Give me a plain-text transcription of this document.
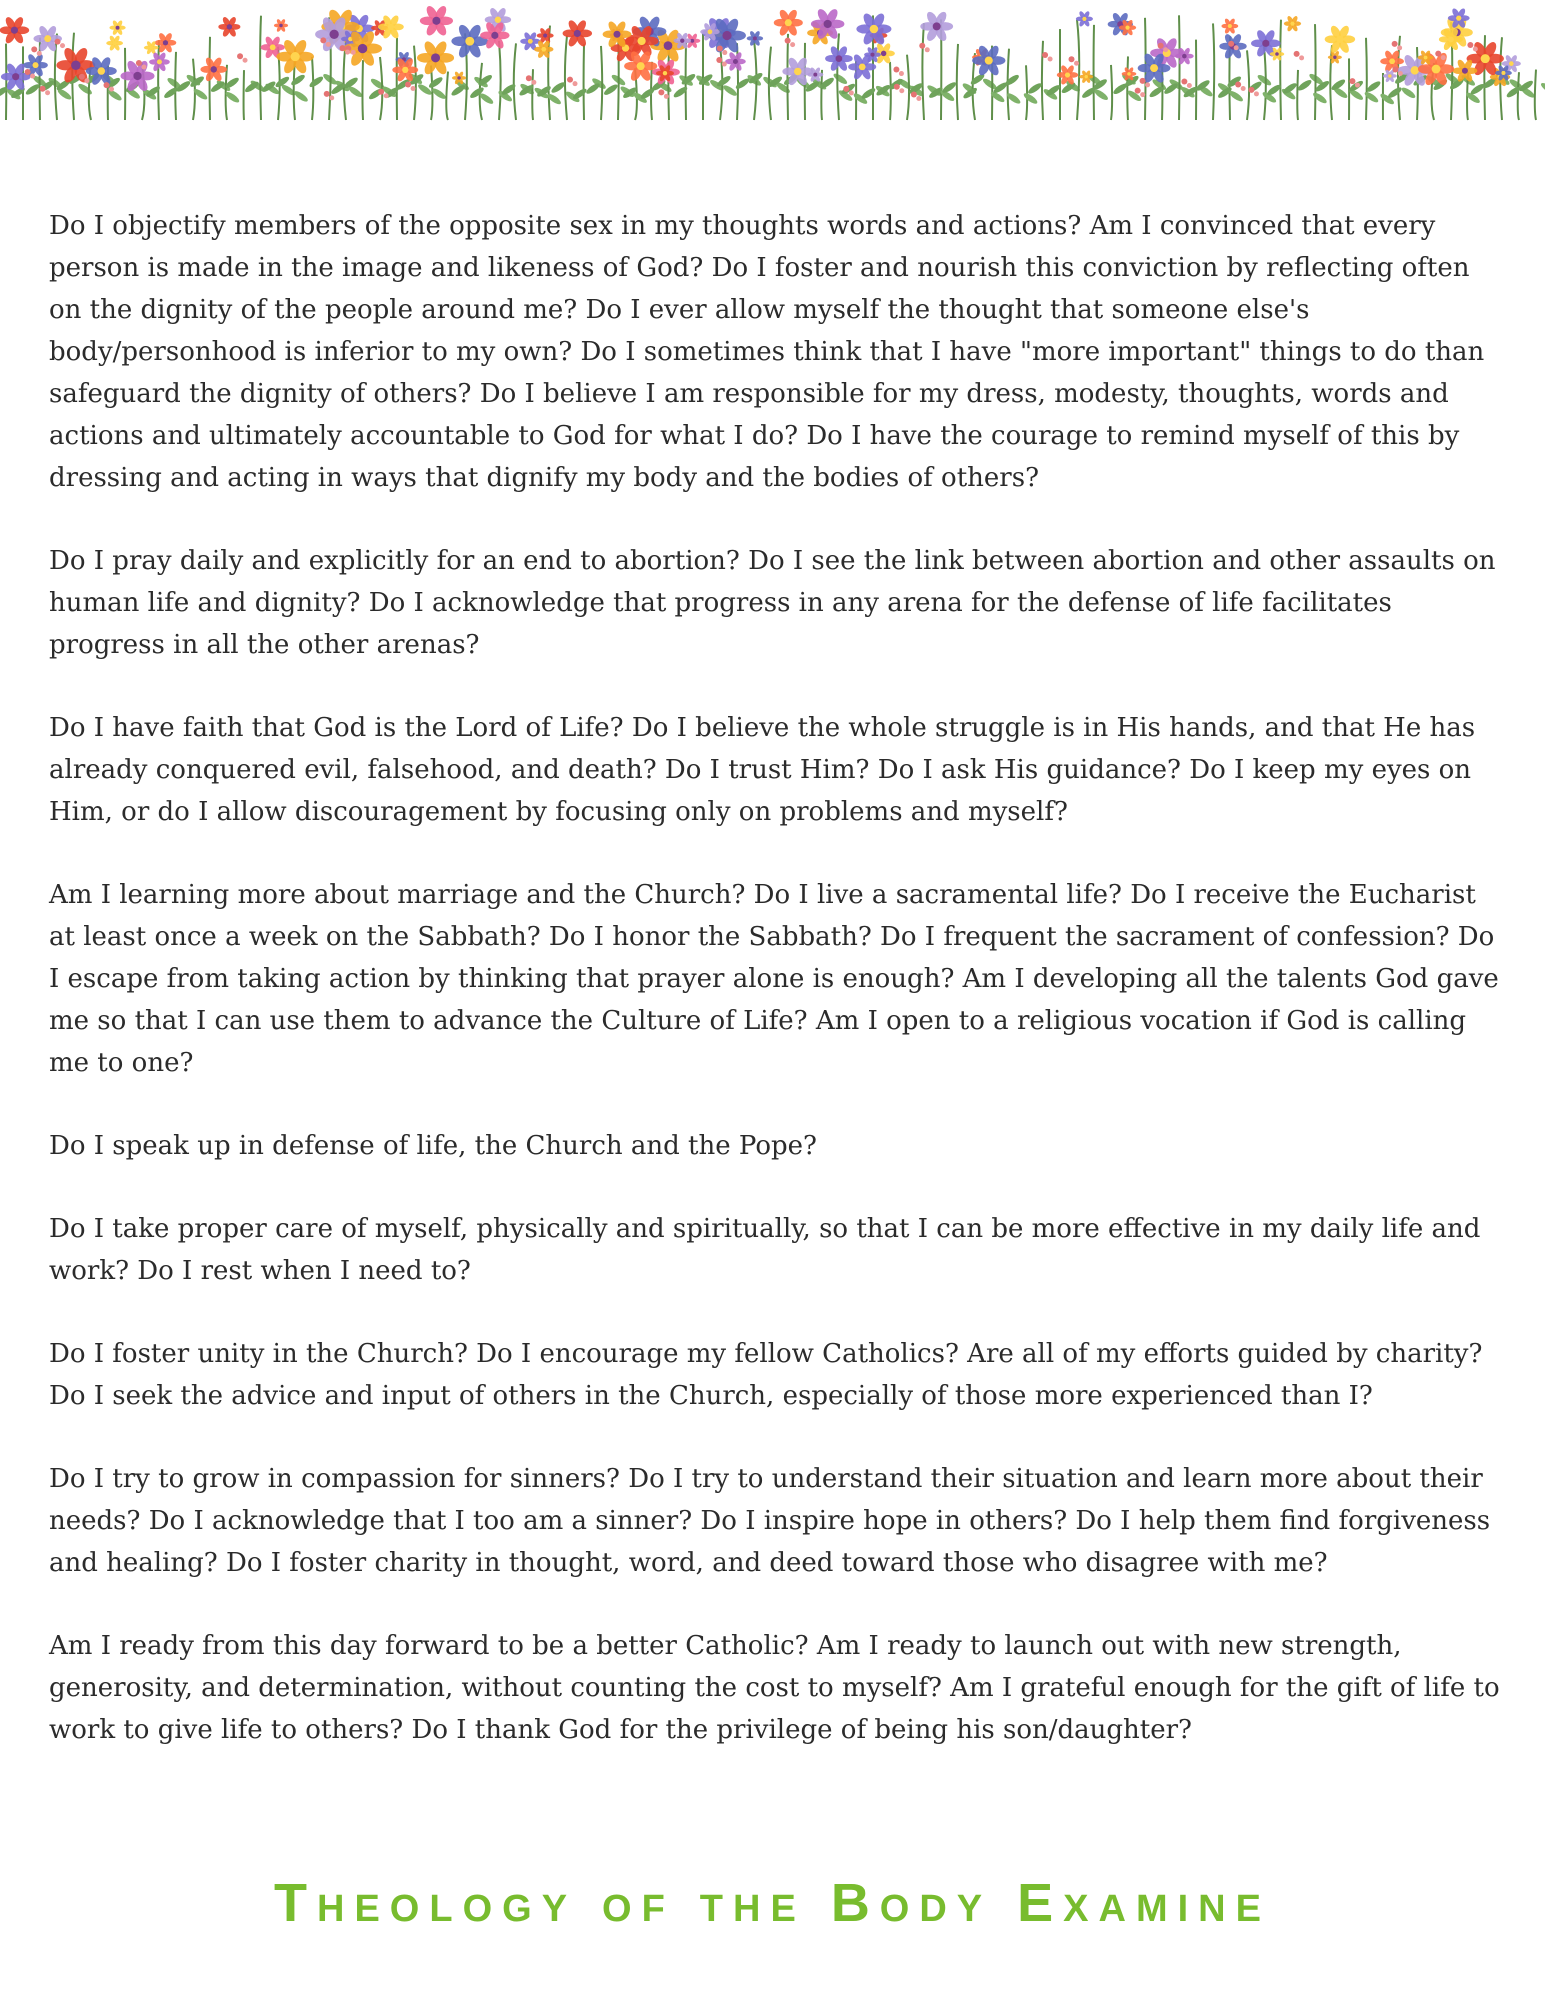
Do I objectify members of the opposite sex in my thoughts words and actions? Am I convinced that every person is made in the image and likeness of God? Do I foster and nourish this conviction by reflecting often on the dignity of the people around me? Do I ever allow myself the thought that someone else's body/personhood is inferior to my own? Do I sometimes think that I have "more important" things to do than safeguard the dignity of others? Do I believe I am responsible for my dress, modesty, thoughts, words and actions and ultimately accountable to God for what I do? Do I have the courage to remind myself of this by dressing and acting in ways that dignify my body and the bodies of others?

Do I pray daily and explicitly for an end to abortion? Do I see the link between abortion and other assaults on human life and dignity? Do I acknowledge that progress in any arena for the defense of life facilitates progress in all the other arenas?

Do I have faith that God is the Lord of Life? Do I believe the whole struggle is in His hands, and that He has already conquered evil, falsehood, and death? Do I trust Him? Do I ask His guidance? Do I keep my eyes on Him, or do I allow discouragement by focusing only on problems and myself?

Am I learning more about marriage and the Church? Do I live a sacramental life? Do I receive the Eucharist at least once a week on the Sabbath? Do I honor the Sabbath? Do I frequent the sacrament of confession? Do I escape from taking action by thinking that prayer alone is enough? Am I developing all the talents God gave me so that I can use them to advance the Culture of Life? Am I open to a religious vocation if God is calling me to one?

Do I speak up in defense of life, the Church and the Pope?

Do I take proper care of myself, physically and spiritually, so that I can be more effective in my daily life and work? Do I rest when I need to?

Do I foster unity in the Church? Do I encourage my fellow Catholics? Are all of my efforts guided by charity? Do I seek the advice and input of others in the Church, especially of those more experienced than I?

Do I try to grow in compassion for sinners? Do I try to understand their situation and learn more about their needs? Do I acknowledge that I too am a sinner? Do I inspire hope in others? Do I help them find forgiveness and healing? Do I foster charity in thought, word, and deed toward those who disagree with me?

Am I ready from this day forward to be a better Catholic? Am I ready to launch out with new strength, generosity, and determination, without counting the cost to myself? Am I grateful enough for the gift of life to work to give life to others? Do I thank God for the privilege of being his son/daughter?

Theology of the Body Examine
